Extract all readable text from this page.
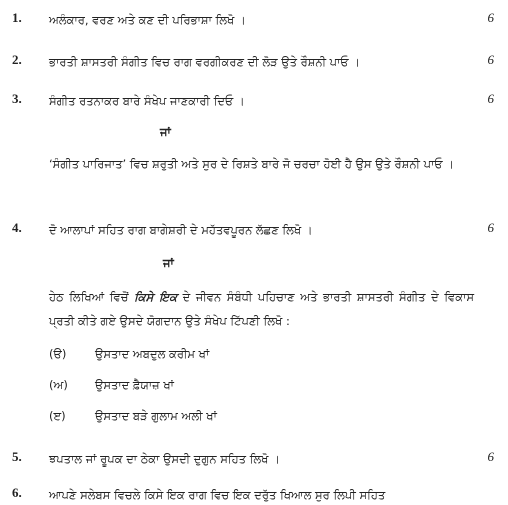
1. ਅਲੰਕਾਰ, ਵਰਣ ਅਤੇ ਕਣ ਦੀ ਪਰਿਭਾਸ਼ਾ ਲਿਖੋ ।	6
2. ਭਾਰਤੀ ਸ਼ਾਸਤਰੀ ਸੰਗੀਤ ਵਿਚ ਰਾਗ ਵਰਗੀਕਰਣ ਦੀ ਲੋੜ ਉਤੇ ਰੌਸ਼ਨੀ ਪਾਓ ।	6
3. ਸੰਗੀਤ ਰਤਨਾਕਰ ਬਾਰੇ ਸੰਖੇਪ ਜਾਣਕਾਰੀ ਦਿਓ ।	6
ਜਾਂ
‘ਸੰਗੀਤ ਪਾਰਿਜਾਤ’ ਵਿਚ ਸ਼ਰੁਤੀ ਅਤੇ ਸੁਰ ਦੇ ਰਿਸ਼ਤੇ ਬਾਰੇ ਜੋ ਚਰਚਾ ਹੋਈ ਹੈ ਉਸ ਉਤੇ ਰੌਸ਼ਨੀ ਪਾਓ ।
4. ਦੋ ਆਲਾਪਾਂ ਸਹਿਤ ਰਾਗ ਬਾਗੇਸ਼ਰੀ ਦੇ ਮਹੱਤਵਪੂਰਨ ਲੱਛਣ ਲਿਖੋ ।	6
ਜਾਂ
ਹੇਠ ਲਿਖਿਆਂ ਵਿਚੋਂ ਕਿਸੇ ਇਕ ਦੇ ਜੀਵਨ ਸੰਬੰਧੀ ਪਹਿਚਾਣ ਅਤੇ ਭਾਰਤੀ ਸ਼ਾਸਤਰੀ ਸੰਗੀਤ ਦੇ ਵਿਕਾਸ ਪ੍ਰਤੀ ਕੀਤੇ ਗਏ ਉਸਦੇ ਯੋਗਦਾਨ ਉਤੇ ਸੰਖੇਪ ਟਿੱਪਣੀ ਲਿਖੋ :
(ੳ) ਉਸਤਾਦ ਅਬਦੁਲ ਕਰੀਮ ਖਾਂ
(ਅ) ਉਸਤਾਦ ਫ਼ੈਯਾਜ਼ ਖਾਂ
(ੲ)	ਉਸਤਾਦ ਬੜੇ ਗੁਲਾਮ ਅਲੀ ਖਾਂ
5. ਝਪਤਾਲ ਜਾਂ ਰੂਪਕ ਦਾ ਠੇਕਾ ਉਸਦੀ ਦੁਗੁਨ ਸਹਿਤ ਲਿਖੋ ।	6
6. ਆਪਣੇ ਸਲੇਬਸ ਵਿਚਲੇ ਕਿਸੇ ਇਕ ਰਾਗ ਵਿਚ ਇਕ ਦਰੁੱਤ ਖਿਆਲ ਸੁਰ ਲਿਪੀ ਸਹਿਤ
